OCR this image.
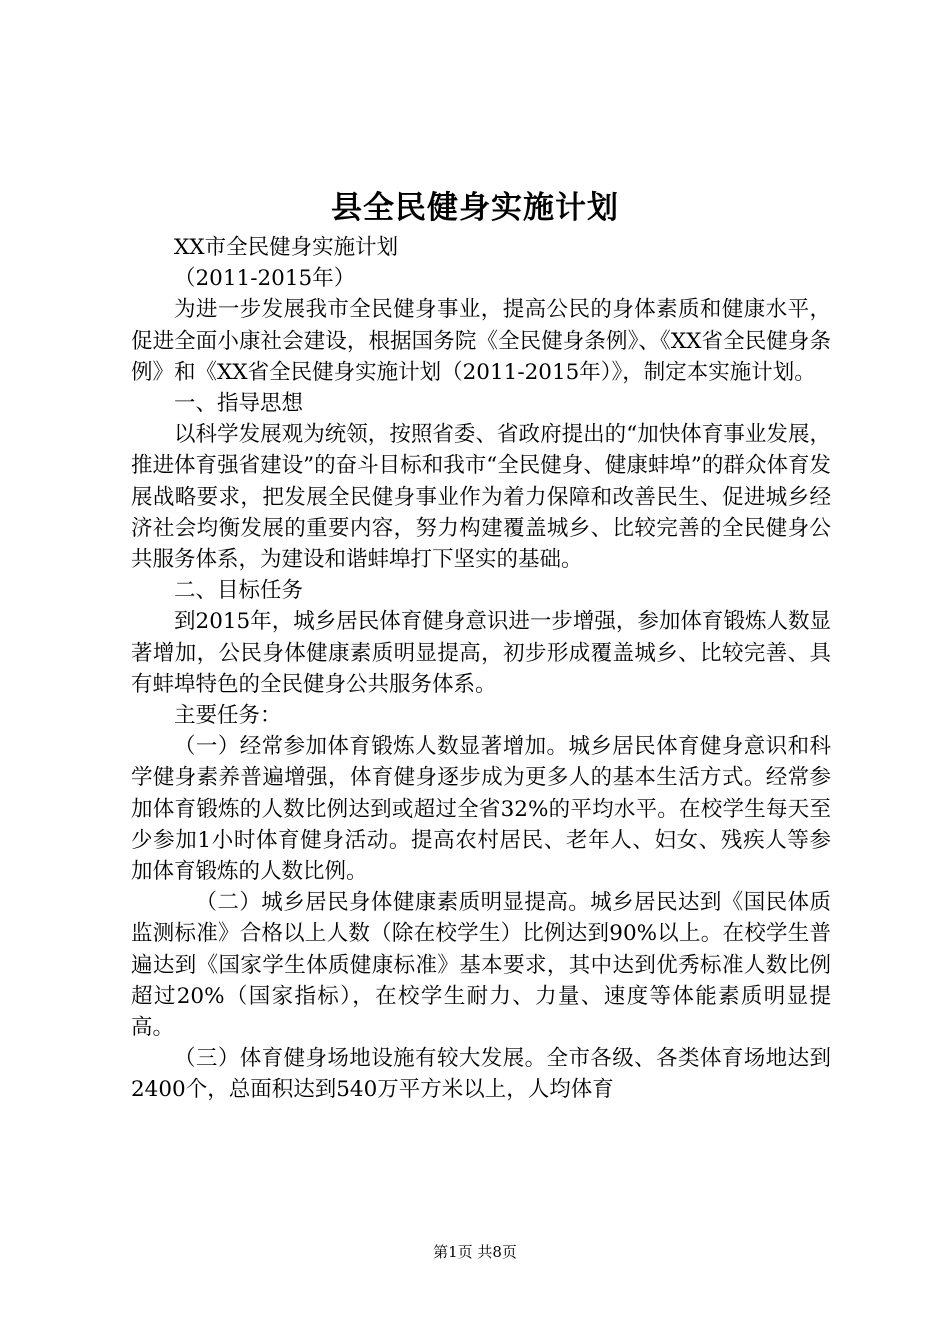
县全民健身实施计划

XX市全民健身实施计划

（2011-2015年）

为进一步发展我市全民健身事业，提高公民的身体素质和健康水平，促进全面小康社会建设，根据国务院《全民健身条例》、《XX省全民健身条例》和《XX省全民健身实施计划（2011-2015年）》，制定本实施计划。

一、指导思想

以科学发展观为统领，按照省委、省政府提出的“加快体育事业发展，推进体育强省建设”的奋斗目标和我市“全民健身、健康蚌埠”的群众体育发展战略要求，把发展全民健身事业作为着力保障和改善民生、促进城乡经济社会均衡发展的重要内容，努力构建覆盖城乡、比较完善的全民健身公共服务体系，为建设和谐蚌埠打下坚实的基础。

二、目标任务

到2015年，城乡居民体育健身意识进一步增强，参加体育锻炼人数显著增加，公民身体健康素质明显提高，初步形成覆盖城乡、比较完善、具有蚌埠特色的全民健身公共服务体系。

主要任务：

（一）经常参加体育锻炼人数显著增加。城乡居民体育健身意识和科学健身素养普遍增强，体育健身逐步成为更多人的基本生活方式。经常参加体育锻炼的人数比例达到或超过全省32%的平均水平。在校学生每天至少参加1小时体育健身活动。提高农村居民、老年人、妇女、残疾人等参加体育锻炼的人数比例。

（二）城乡居民身体健康素质明显提高。城乡居民达到《国民体质监测标准》合格以上人数（除在校学生）比例达到90%以上。在校学生普遍达到《国家学生体质健康标准》基本要求，其中达到优秀标准人数比例超过20%（国家指标），在校学生耐力、力量、速度等体能素质明显提高。

（三）体育健身场地设施有较大发展。全市各级、各类体育场地达到2400个，总面积达到540万平方米以上，人均体育

第1页 共8页
